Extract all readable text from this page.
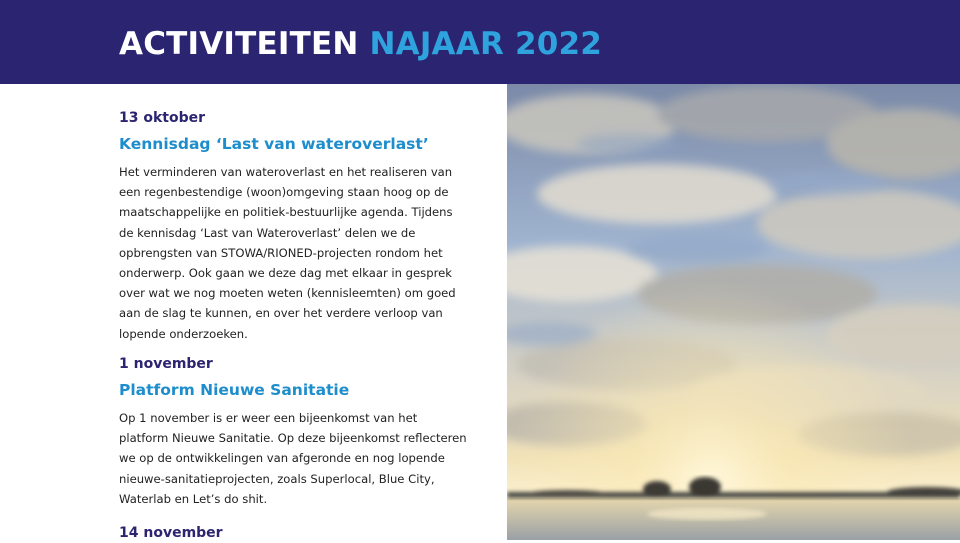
ACTIVITEITEN NAJAAR 2022

13 oktober

Kennisdag ‘Last van wateroverlast’

Het verminderen van wateroverlast en het realiseren van
een regenbestendige (woon)omgeving staan hoog op de
maatschappelijke en politiek-bestuurlijke agenda. Tijdens
de kennisdag ‘Last van Wateroverlast’ delen we de
opbrengsten van STOWA/RIONED-projecten rondom het
onderwerp. Ook gaan we deze dag met elkaar in gesprek
over wat we nog moeten weten (kennisleemten) om goed
aan de slag te kunnen, en over het verdere verloop van
lopende onderzoeken.

1 november

Platform Nieuwe Sanitatie

Op 1 november is er weer een bijeenkomst van het
platform Nieuwe Sanitatie. Op deze bijeenkomst reflecteren
we op de ontwikkelingen van afgeronde en nog lopende
nieuwe-sanitatieprojecten, zoals Superlocal, Blue City,
Waterlab en Let’s do shit.

14 november
